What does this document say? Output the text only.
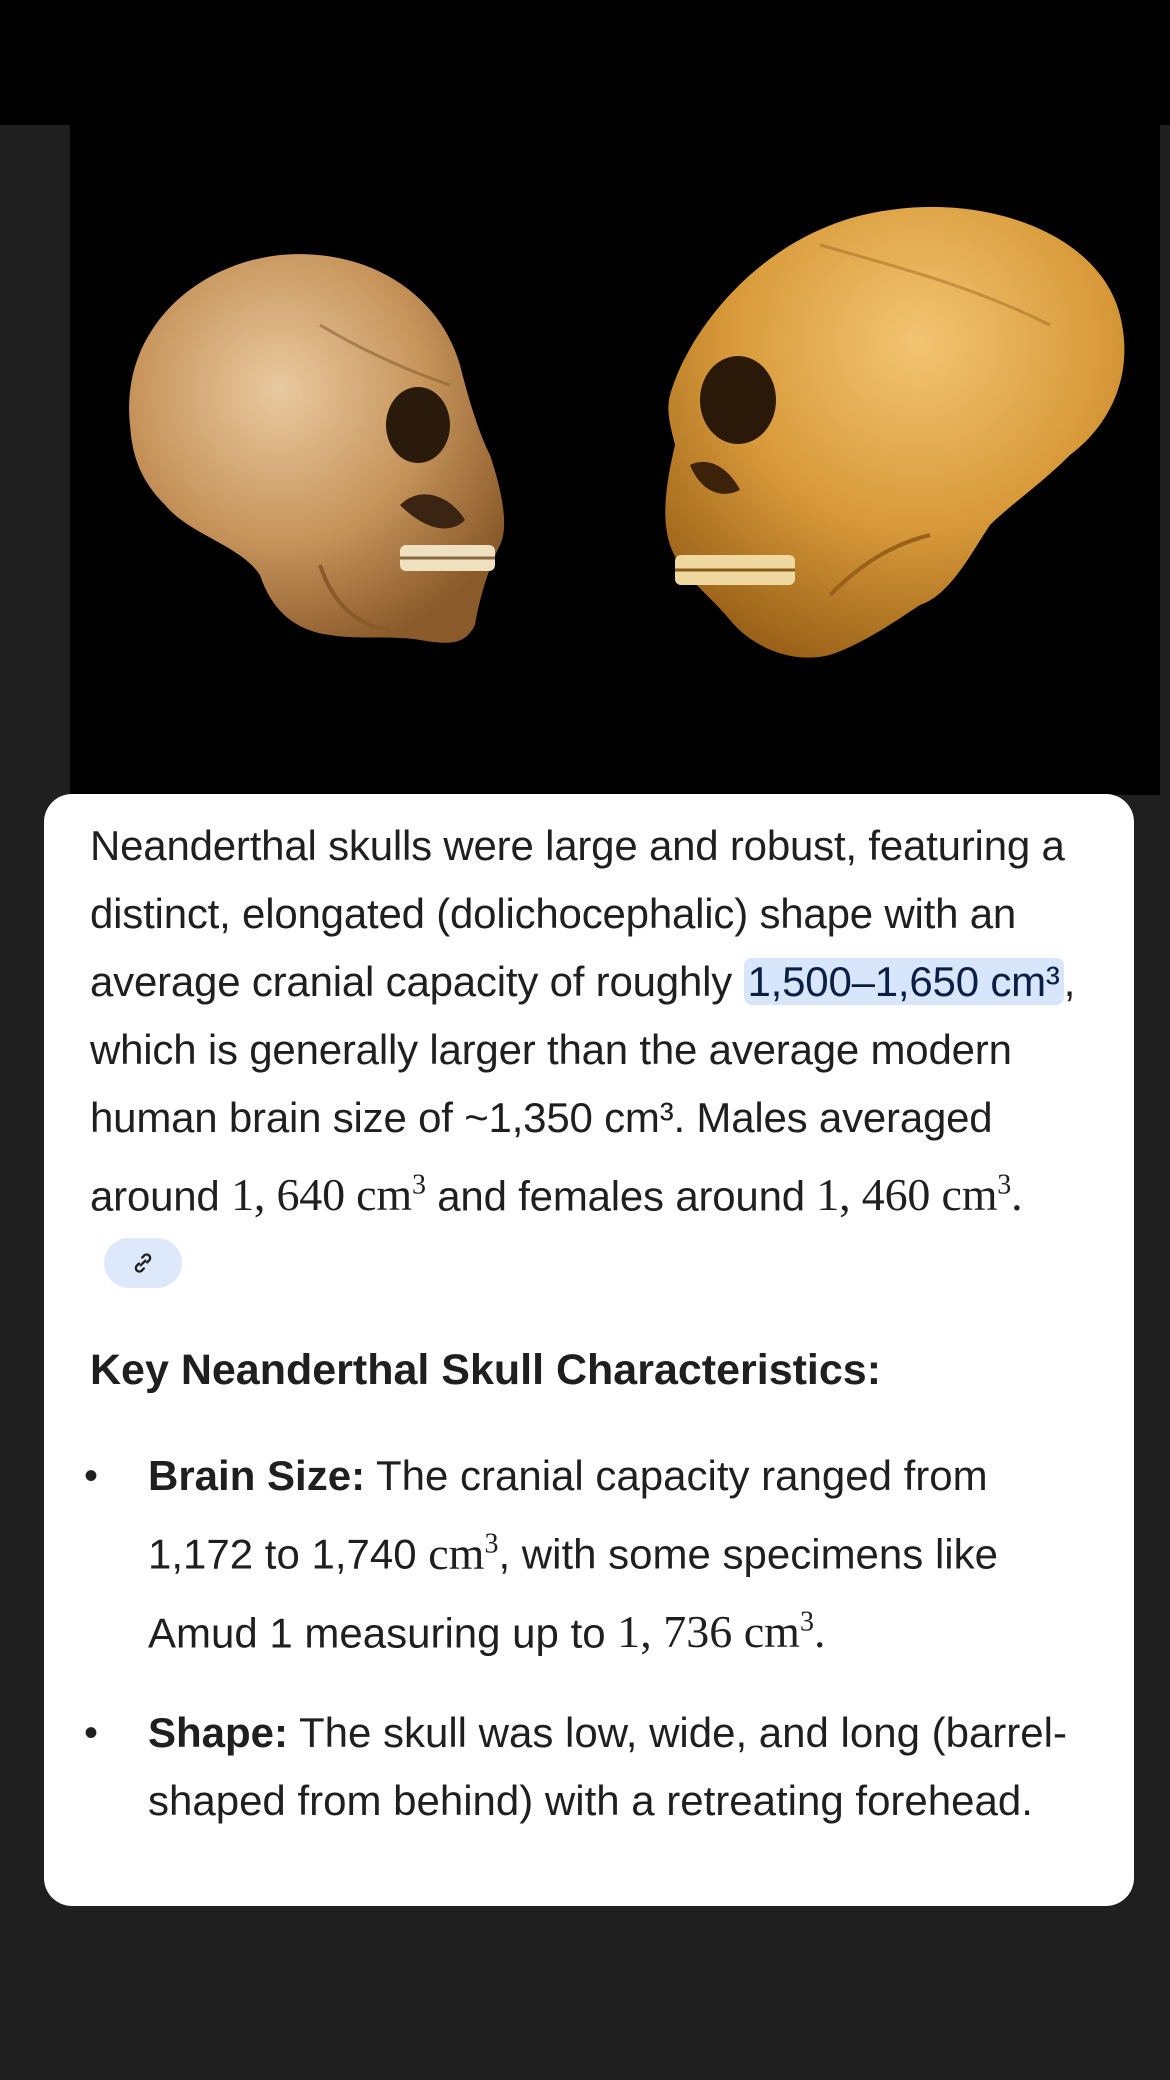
Neanderthal skulls were large and robust, featuring a distinct, elongated (dolichocephalic) shape with an average cranial capacity of roughly 1,500–1,650 cm³, which is generally larger than the average modern human brain size of ~1,350 cm³. Males averaged around 1, 640 $cm^3$ and females around 1, 460 $cm^3$.

Key Neanderthal Skull Characteristics:
• Brain Size: The cranial capacity ranged from 1,172 to 1,740 $cm^3$, with some specimens like Amud 1 measuring up to 1, 736 $cm^3$.
• Shape: The skull was low, wide, and long (barrel-shaped from behind) with a retreating forehead.
